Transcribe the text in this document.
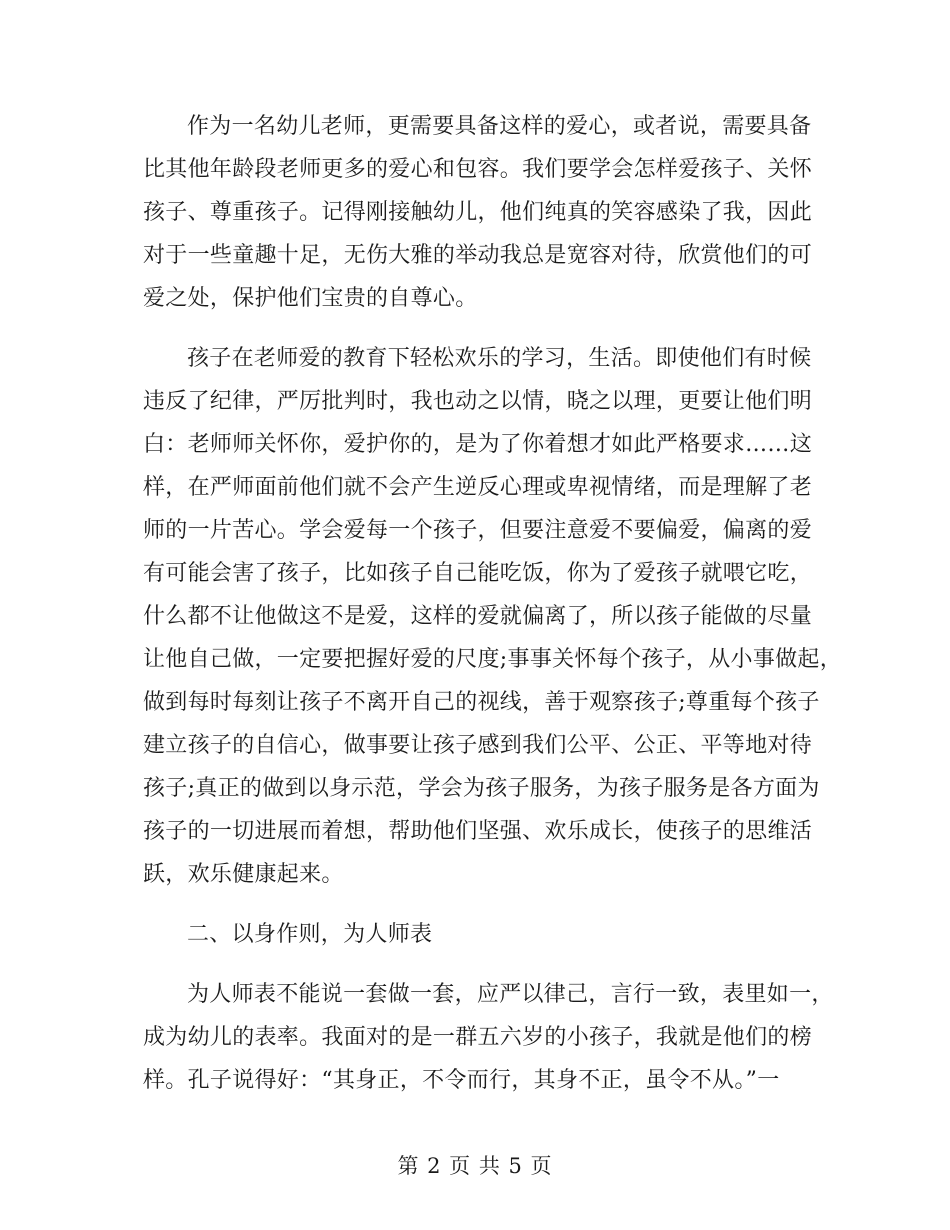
作为一名幼儿老师，更需要具备这样的爱心，或者说，需要具备
比其他年龄段老师更多的爱心和包容。我们要学会怎样爱孩子、关怀
孩子、尊重孩子。记得刚接触幼儿，他们纯真的笑容感染了我，因此
对于一些童趣十足，无伤大雅的举动我总是宽容对待，欣赏他们的可
爱之处，保护他们宝贵的自尊心。
孩子在老师爱的教育下轻松欢乐的学习，生活。即使他们有时候
违反了纪律，严厉批判时，我也动之以情，晓之以理，更要让他们明
白：老师师关怀你，爱护你的，是为了你着想才如此严格要求……这
样，在严师面前他们就不会产生逆反心理或卑视情绪，而是理解了老
师的一片苦心。学会爱每一个孩子，但要注意爱不要偏爱，偏离的爱
有可能会害了孩子，比如孩子自己能吃饭，你为了爱孩子就喂它吃，
什么都不让他做这不是爱，这样的爱就偏离了，所以孩子能做的尽量
让他自己做，一定要把握好爱的尺度;事事关怀每个孩子，从小事做起，
做到每时每刻让孩子不离开自己的视线，善于观察孩子;尊重每个孩子
建立孩子的自信心，做事要让孩子感到我们公平、公正、平等地对待
孩子;真正的做到以身示范，学会为孩子服务，为孩子服务是各方面为
孩子的一切进展而着想，帮助他们坚强、欢乐成长，使孩子的思维活
跃，欢乐健康起来。
二、以身作则，为人师表
为人师表不能说一套做一套，应严以律己，言行一致，表里如一，
成为幼儿的表率。我面对的是一群五六岁的小孩子，我就是他们的榜
样。孔子说得好：“其身正，不令而行，其身不正，虽令不从。”一
第 2 页 共 5 页
